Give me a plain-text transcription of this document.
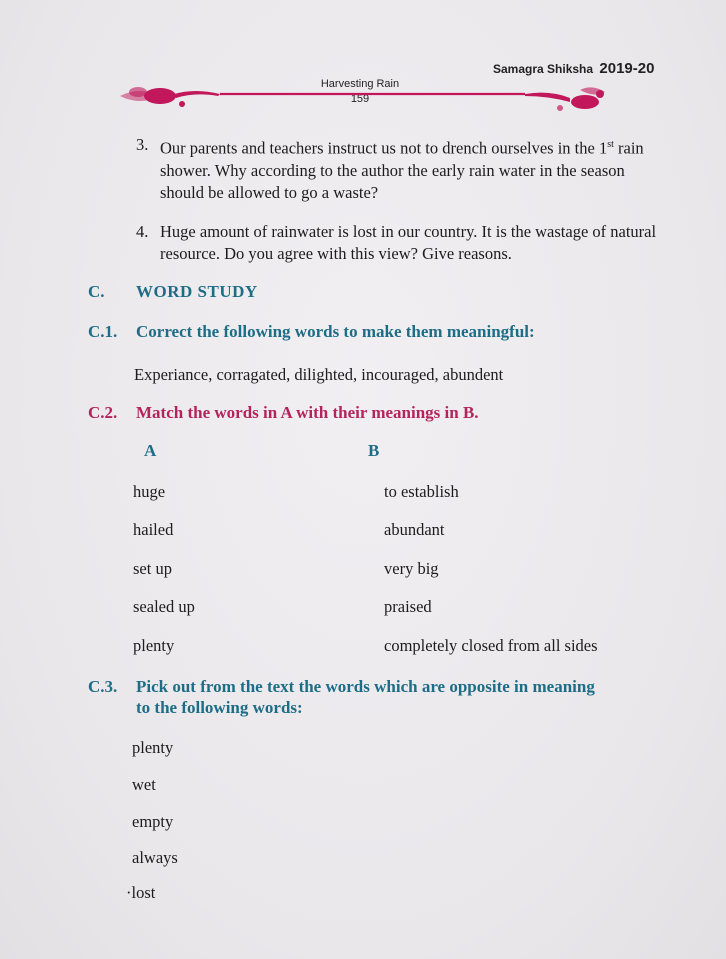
Samagra Shiksha 2019-20
Harvesting Rain
159
3. Our parents and teachers instruct us not to drench ourselves in the 1st rain shower. Why according to the author the early rain water in the season should be allowed to go a waste?
4. Huge amount of rainwater is lost in our country. It is the wastage of natural resource. Do you agree with this view? Give reasons.
C. WORD STUDY
C.1. Correct the following words to make them meaningful:
Experiance, corragated, dilighted, incouraged, abundent
C.2. Match the words in A with their meanings in B.
A	B
huge	to establish
hailed	abundant
set up	very big
sealed up	praised
plenty	completely closed from all sides
C.3. Pick out from the text the words which are opposite in meaning
to the following words:
plenty
wet
empty
always
·lost
